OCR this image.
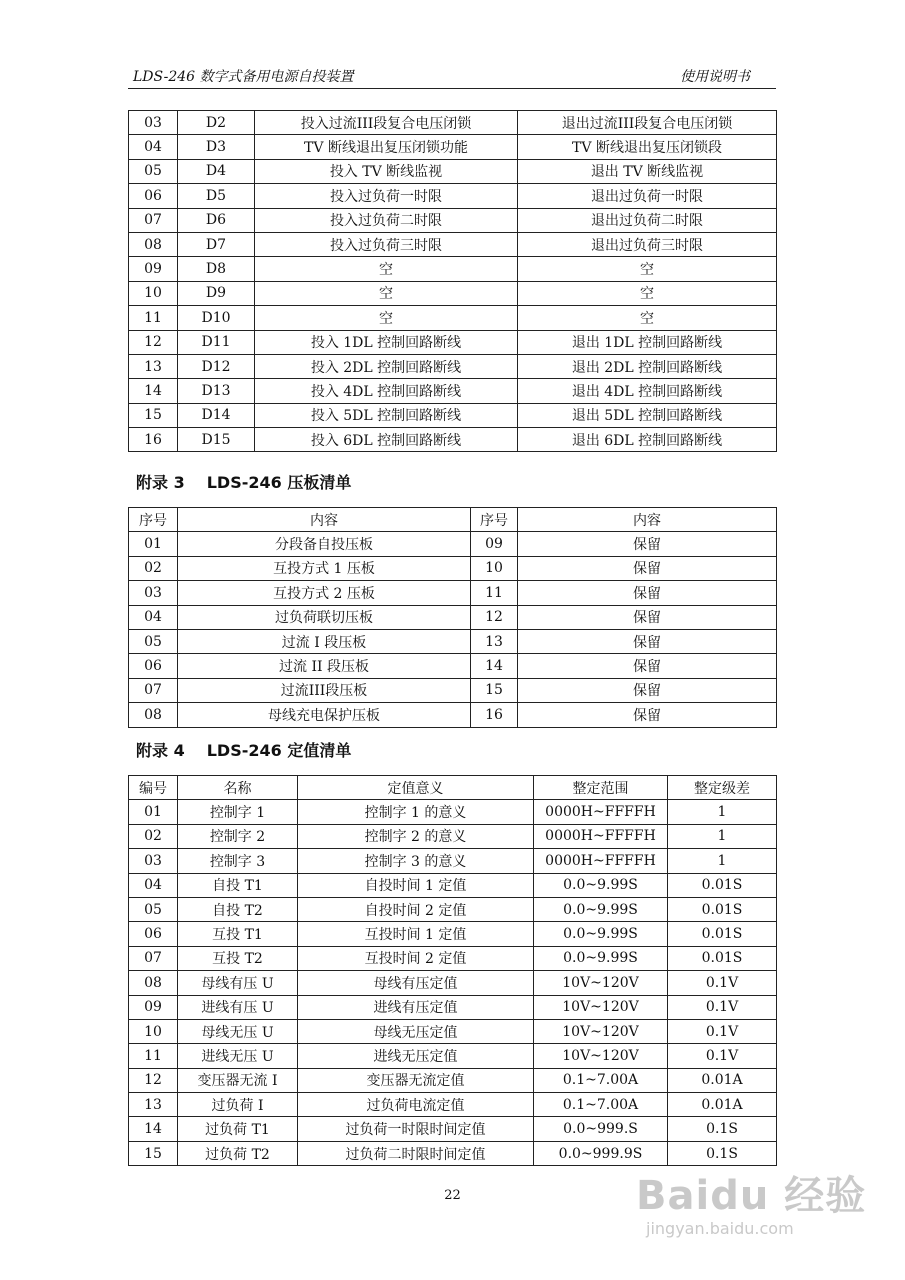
LDS-246 数字式备用电源自投装置	使用说明书
03	D2	投入过流III段复合电压闭锁	退出过流III段复合电压闭锁
04	D3	TV 断线退出复压闭锁功能	TV 断线退出复压闭锁段
05	D4	投入 TV 断线监视	退出 TV 断线监视
06	D5	投入过负荷一时限	退出过负荷一时限
07	D6	投入过负荷二时限	退出过负荷二时限
08	D7	投入过负荷三时限	退出过负荷三时限
09	D8	空	空
10	D9	空	空
11	D10	空	空
12	D11	投入 1DL 控制回路断线	退出 1DL 控制回路断线
13	D12	投入 2DL 控制回路断线	退出 2DL 控制回路断线
14	D13	投入 4DL 控制回路断线	退出 4DL 控制回路断线
15	D14	投入 5DL 控制回路断线	退出 5DL 控制回路断线
16	D15	投入 6DL 控制回路断线	退出 6DL 控制回路断线
附录 3 LDS-246 压板清单
序号	内容	序号	内容
01	分段备自投压板	09	保留
02	互投方式 1 压板	10	保留
03	互投方式 2 压板	11	保留
04	过负荷联切压板	12	保留
05	过流 I 段压板	13	保留
06	过流 II 段压板	14	保留
07	过流III段压板	15	保留
08	母线充电保护压板	16	保留
附录 4 LDS-246 定值清单
编号	名称	定值意义	整定范围	整定级差
01	控制字 1	控制字 1 的意义	0000H~FFFFH	1
02	控制字 2	控制字 2 的意义	0000H~FFFFH	1
03	控制字 3	控制字 3 的意义	0000H~FFFFH	1
04	自投 T1	自投时间 1 定值	0.0~9.99S	0.01S
05	自投 T2	自投时间 2 定值	0.0~9.99S	0.01S
06	互投 T1	互投时间 1 定值	0.0~9.99S	0.01S
07	互投 T2	互投时间 2 定值	0.0~9.99S	0.01S
08	母线有压 U	母线有压定值	10V~120V	0.1V
09	进线有压 U	进线有压定值	10V~120V	0.1V
10	母线无压 U	母线无压定值	10V~120V	0.1V
11	进线无压 U	进线无压定值	10V~120V	0.1V
12	变压器无流 I	变压器无流定值	0.1~7.00A	0.01A
13	过负荷 I	过负荷电流定值	0.1~7.00A	0.01A
14	过负荷 T1	过负荷一时限时间定值	0.0~999.S	0.1S
15	过负荷 T2	过负荷二时限时间定值	0.0~999.9S	0.1S
22	Baidu 经验
jingyan.baidu.com
